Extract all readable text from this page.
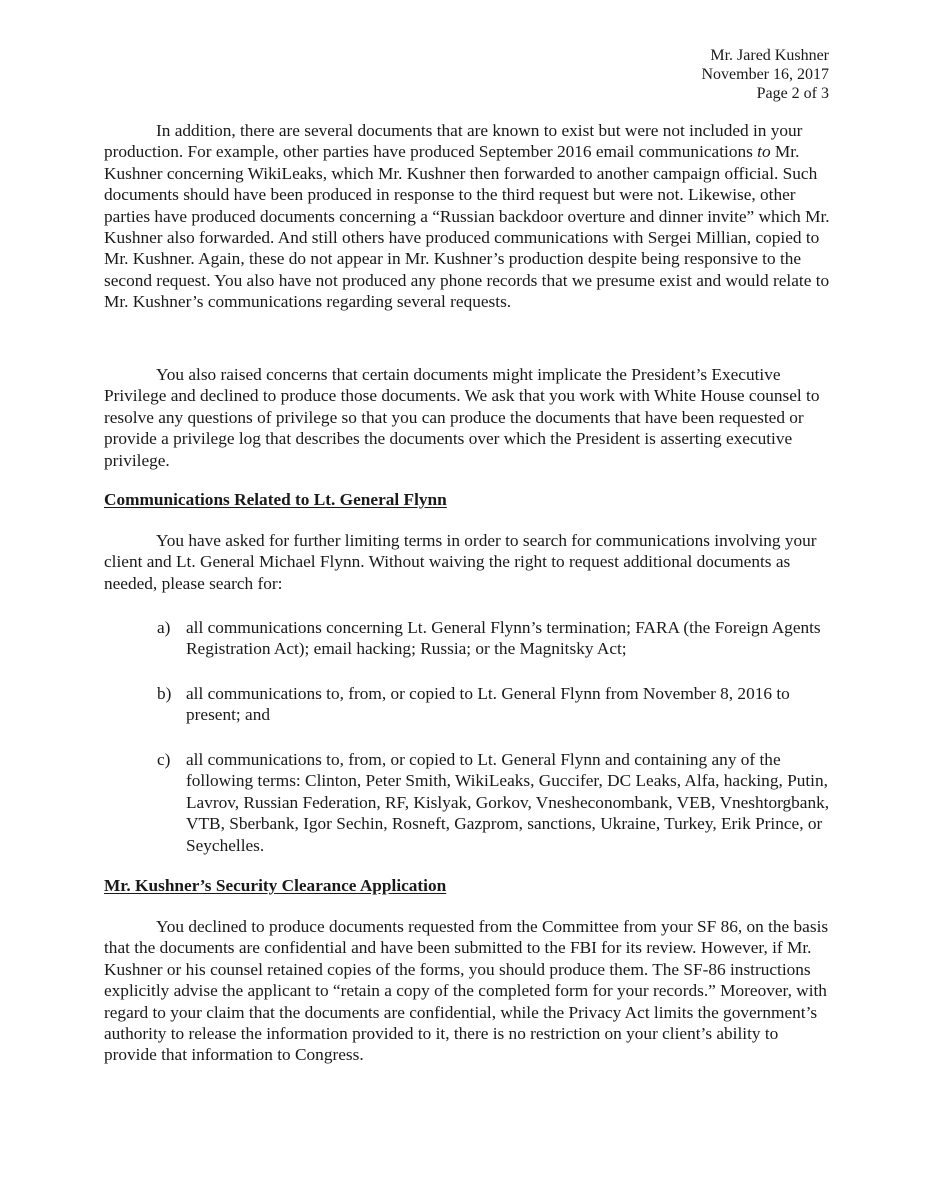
Mr. Jared Kushner
November 16, 2017
Page 2 of 3

In addition, there are several documents that are known to exist but were not included in your production. For example, other parties have produced September 2016 email communications to Mr. Kushner concerning WikiLeaks, which Mr. Kushner then forwarded to another campaign official. Such documents should have been produced in response to the third request but were not. Likewise, other parties have produced documents concerning a “Russian backdoor overture and dinner invite” which Mr. Kushner also forwarded. And still others have produced communications with Sergei Millian, copied to Mr. Kushner. Again, these do not appear in Mr. Kushner’s production despite being responsive to the second request. You also have not produced any phone records that we presume exist and would relate to Mr. Kushner’s communications regarding several requests.

You also raised concerns that certain documents might implicate the President’s Executive Privilege and declined to produce those documents. We ask that you work with White House counsel to resolve any questions of privilege so that you can produce the documents that have been requested or provide a privilege log that describes the documents over which the President is asserting executive privilege.

Communications Related to Lt. General Flynn

You have asked for further limiting terms in order to search for communications involving your client and Lt. General Michael Flynn. Without waiving the right to request additional documents as needed, please search for:

a) all communications concerning Lt. General Flynn’s termination; FARA (the Foreign Agents Registration Act); email hacking; Russia; or the Magnitsky Act;
b) all communications to, from, or copied to Lt. General Flynn from November 8, 2016 to present; and
c) all communications to, from, or copied to Lt. General Flynn and containing any of the following terms: Clinton, Peter Smith, WikiLeaks, Guccifer, DC Leaks, Alfa, hacking, Putin, Lavrov, Russian Federation, RF, Kislyak, Gorkov, Vnesheconombank, VEB, Vneshtorgbank, VTB, Sberbank, Igor Sechin, Rosneft, Gazprom, sanctions, Ukraine, Turkey, Erik Prince, or Seychelles.
Mr. Kushner’s Security Clearance Application

You declined to produce documents requested from the Committee from your SF 86, on the basis that the documents are confidential and have been submitted to the FBI for its review. However, if Mr. Kushner or his counsel retained copies of the forms, you should produce them. The SF-86 instructions explicitly advise the applicant to “retain a copy of the completed form for your records.” Moreover, with regard to your claim that the documents are confidential, while the Privacy Act limits the government’s authority to release the information provided to it, there is no restriction on your client’s ability to provide that information to Congress.
